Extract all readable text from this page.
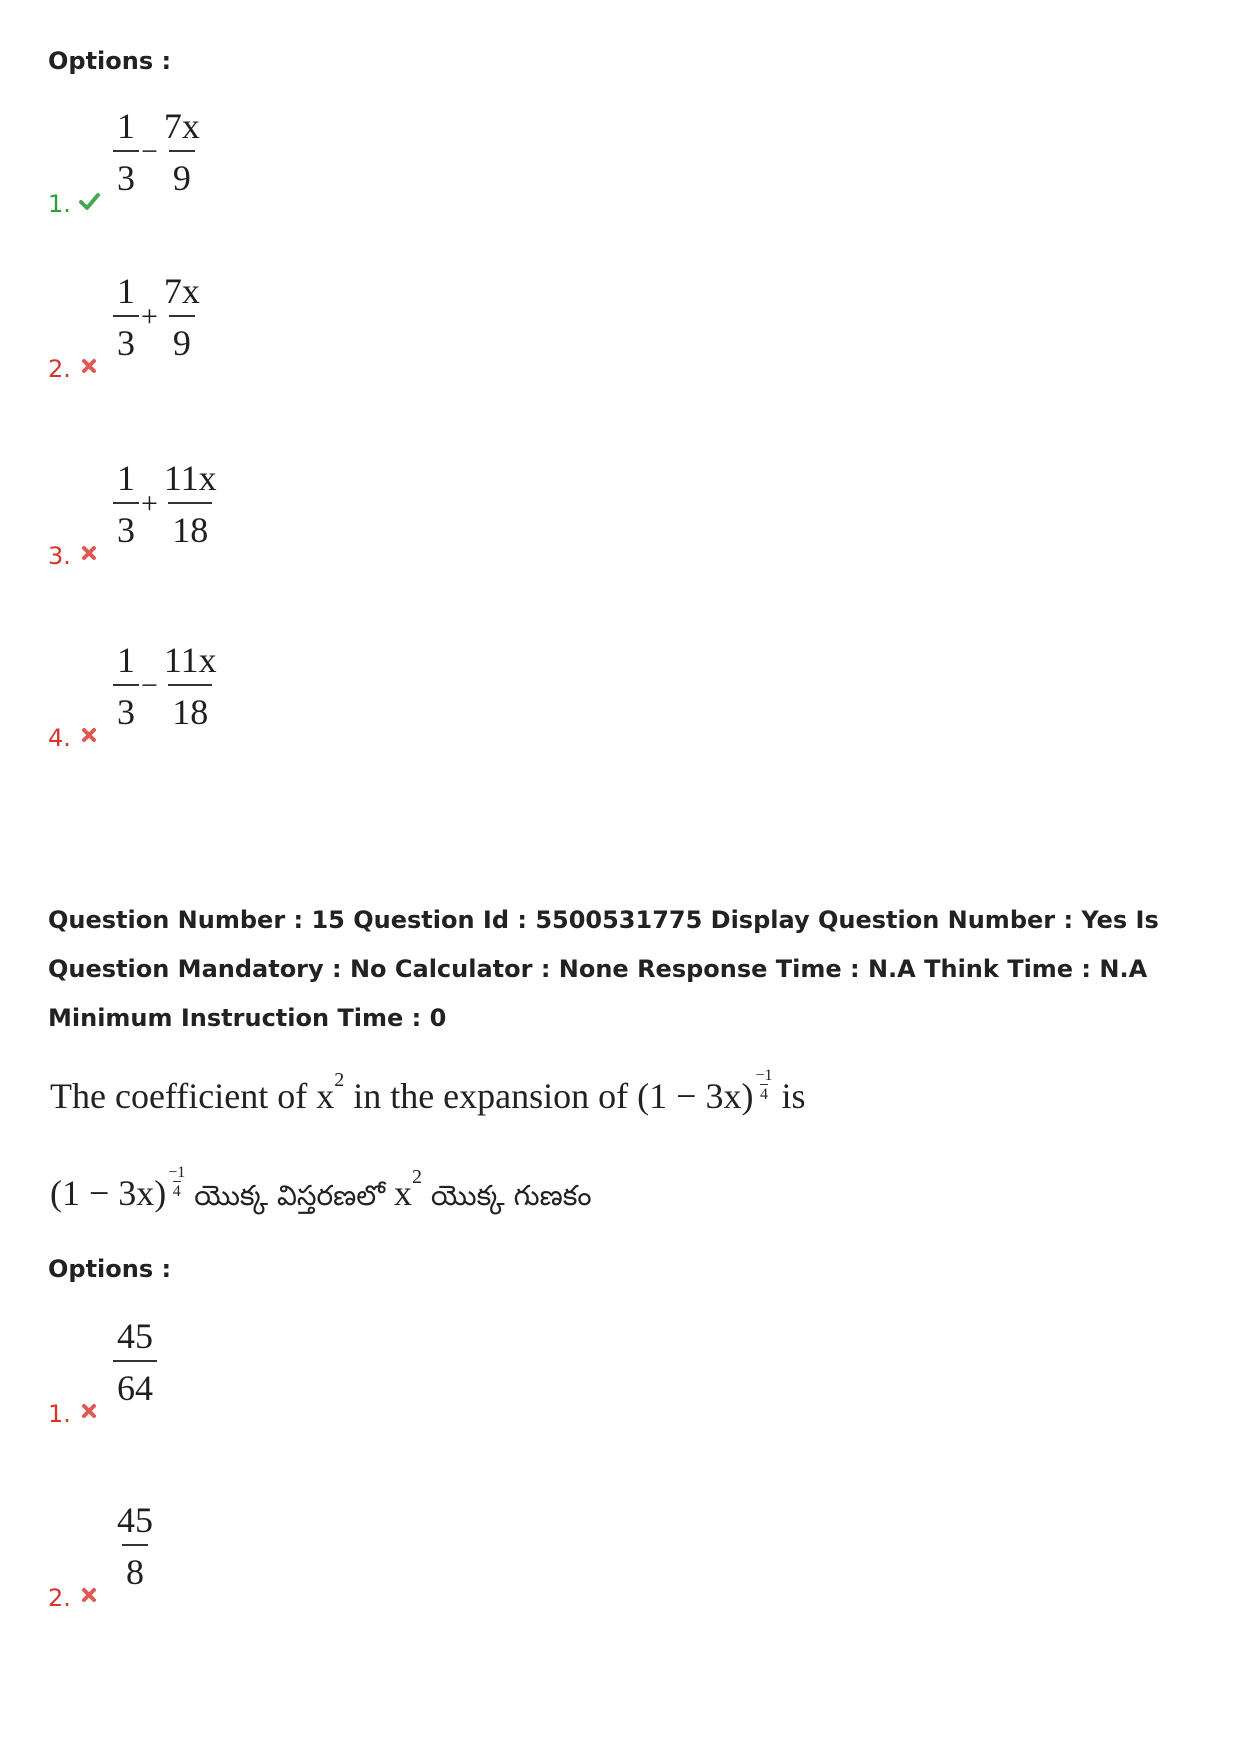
Options :
$\frac{1}{3} - \frac{7x}{9}$
1.
$\frac{1}{3} + \frac{7x}{9}$
2.
$\frac{1}{3} + \frac{11x}{18}$
3.
$\frac{1}{3} - \frac{11x}{18}$
4.
Question Number : 15 Question Id : 5500531775 Display Question Number : Yes Is Question Mandatory : No Calculator : None Response Time : N.A Think Time : N.A Minimum Instruction Time : 0
The coefficient of $x^2$ in the expansion of $(1 - 3x) \frac{-1}{4}$ is
$(1 - 3x) \frac{-1}{4}$ యొక్క విస్తరణలో $x^2$ యొక్క గుణకం
Options :
$\frac{45}{64}$
1.
$\frac{45}{8}$
2.
